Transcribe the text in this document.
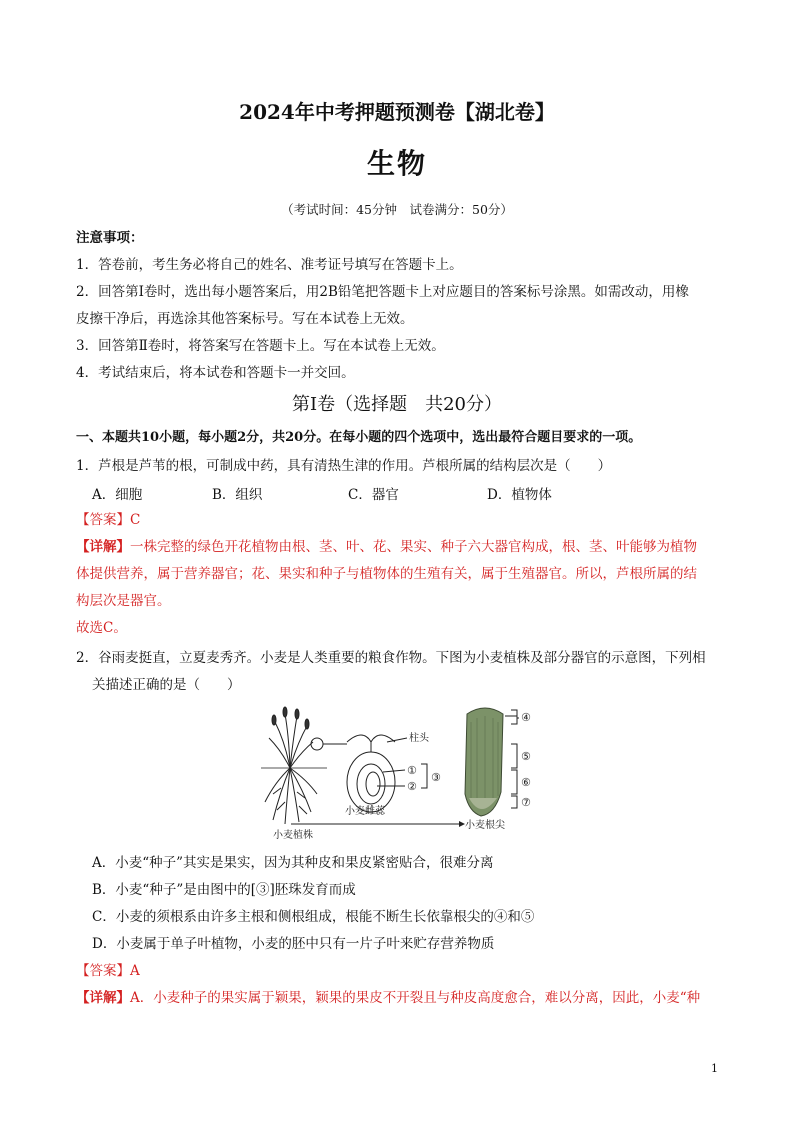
2024年中考押题预测卷【湖北卷】
生物
（考试时间：45分钟　试卷满分：50分）
注意事项：
1．答卷前，考生务必将自己的姓名、准考证号填写在答题卡上。
2．回答第Ⅰ卷时，选出每小题答案后，用2B铅笔把答题卡上对应题目的答案标号涂黑。如需改动，用橡
皮擦干净后，再选涂其他答案标号。写在本试卷上无效。
3．回答第Ⅱ卷时，将答案写在答题卡上。写在本试卷上无效。
4．考试结束后，将本试卷和答题卡一并交回。
第Ⅰ卷（选择题　共20分）
一、本题共10小题，每小题2分，共20分。在每小题的四个选项中，选出最符合题目要求的一项。
1．芦根是芦苇的根，可制成中药，具有清热生津的作用。芦根所属的结构层次是（　　）
A．细胞	B．组织	C．器官	D．植物体
【答案】C
【详解】一株完整的绿色开花植物由根、茎、叶、花、果实、种子六大器官构成，根、茎、叶能够为植物
体提供营养，属于营养器官；花、果实和种子与植物体的生殖有关，属于生殖器官。所以，芦根所属的结
构层次是器官。
故选C。
2．谷雨麦挺直，立夏麦秀齐。小麦是人类重要的粮食作物。下图为小麦植株及部分器官的示意图，下列相
关描述正确的是（　　）
柱头
①
②
③
小麦雌蕊
④
⑤
⑥
⑦
小麦植株
小麦根尖
A．小麦“种子”其实是果实，因为其种皮和果皮紧密贴合，很难分离
B．小麦“种子”是由图中的[③]胚珠发育而成
C．小麦的须根系由许多主根和侧根组成，根能不断生长依靠根尖的④和⑤
D．小麦属于单子叶植物，小麦的胚中只有一片子叶来贮存营养物质
【答案】A
【详解】A．小麦种子的果实属于颖果，颖果的果皮不开裂且与种皮高度愈合，难以分离，因此，小麦“种
1
